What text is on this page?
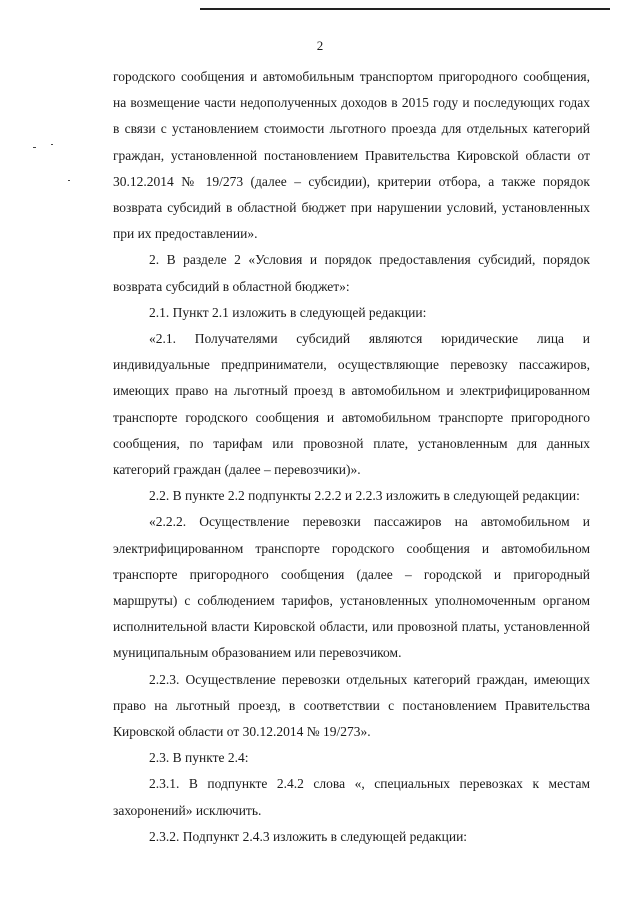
2

городского сообщения и автомобильным транспортом пригородного сообщения, на возмещение части недополученных доходов в 2015 году и последующих годах в связи с установлением стоимости льготного проезда для отдельных категорий граждан, установленной постановлением Правительства Кировской области от 30.12.2014 № 19/273 (далее – субсидии), критерии отбора, а также порядок возврата субсидий в областной бюджет при нарушении условий, установленных при их предоставлении».

2. В разделе 2 «Условия и порядок предоставления субсидий, порядок возврата субсидий в областной бюджет»:

2.1. Пункт 2.1 изложить в следующей редакции:

«2.1. Получателями субсидий являются юридические лица и индивидуальные предприниматели, осуществляющие перевозку пассажиров, имеющих право на льготный проезд в автомобильном и электрифицированном транспорте городского сообщения и автомобильном транспорте пригородного сообщения, по тарифам или провозной плате, установленным для данных категорий граждан (далее – перевозчики)».

2.2. В пункте 2.2 подпункты 2.2.2 и 2.2.3 изложить в следующей редакции:

«2.2.2. Осуществление перевозки пассажиров на автомобильном и электрифицированном транспорте городского сообщения и автомобильном транспорте пригородного сообщения (далее – городской и пригородный маршруты) с соблюдением тарифов, установленных уполномоченным органом исполнительной власти Кировской области, или провозной платы, установленной муниципальным образованием или перевозчиком.

2.2.3. Осуществление перевозки отдельных категорий граждан, имеющих право на льготный проезд, в соответствии с постановлением Правительства Кировской области от 30.12.2014 № 19/273».

2.3. В пункте 2.4:

2.3.1. В подпункте 2.4.2 слова «, специальных перевозках к местам захоронений» исключить.

2.3.2. Подпункт 2.4.3 изложить в следующей редакции:
